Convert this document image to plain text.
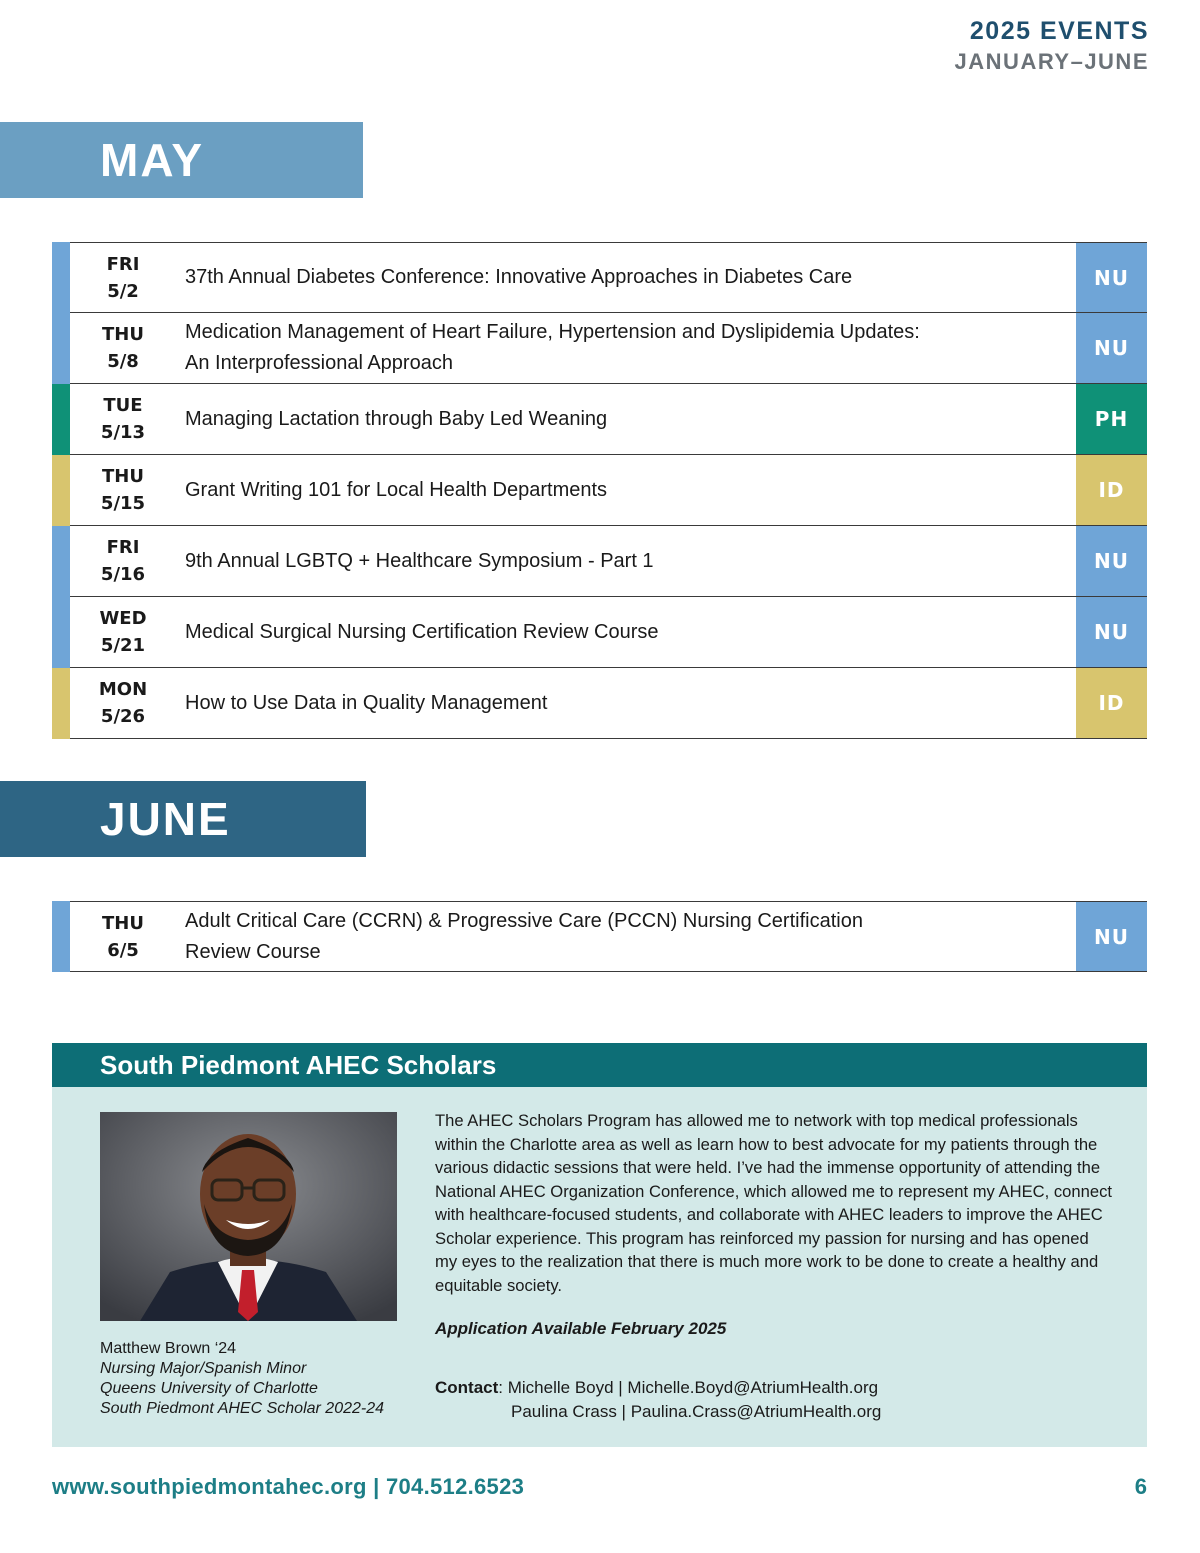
2025 EVENTS
JANUARY–JUNE
MAY
FRI
5/2
37th Annual Diabetes Conference: Innovative Approaches in Diabetes Care	NU
THU
5/8
Medication Management of Heart Failure, Hypertension and Dyslipidemia Updates:
An Interprofessional Approach
NU
TUE
5/13
Managing Lactation through Baby Led Weaning	PH
THU
5/15
Grant Writing 101 for Local Health Departments	ID
FRI
5/16
9th Annual LGBTQ + Healthcare Symposium - Part 1	NU
WED
5/21
Medical Surgical Nursing Certification Review Course	NU
MON
5/26
How to Use Data in Quality Management	ID
JUNE
THU
6/5
Adult Critical Care (CCRN) & Progressive Care (PCCN) Nursing Certification
Review Course
NU
South Piedmont AHEC Scholars
Matthew Brown ‘24
Nursing Major/Spanish Minor
Queens University of Charlotte
South Piedmont AHEC Scholar 2022-24
The AHEC Scholars Program has allowed me to network with top medical professionals within the Charlotte area as well as learn how to best advocate for my patients through the various didactic sessions that were held. I’ve had the immense opportunity of attending the National AHEC Organization Conference, which allowed me to represent my AHEC, connect with healthcare-focused students, and collaborate with AHEC leaders to improve the AHEC Scholar experience. This program has reinforced my passion for nursing and has opened my eyes to the realization that there is much more work to be done to create a healthy and equitable society.
Application Available February 2025
Contact: Michelle Boyd | Michelle.Boyd@AtriumHealth.org
Paulina Crass | Paulina.Crass@AtriumHealth.org
www.southpiedmontahec.org | 704.512.6523	6
